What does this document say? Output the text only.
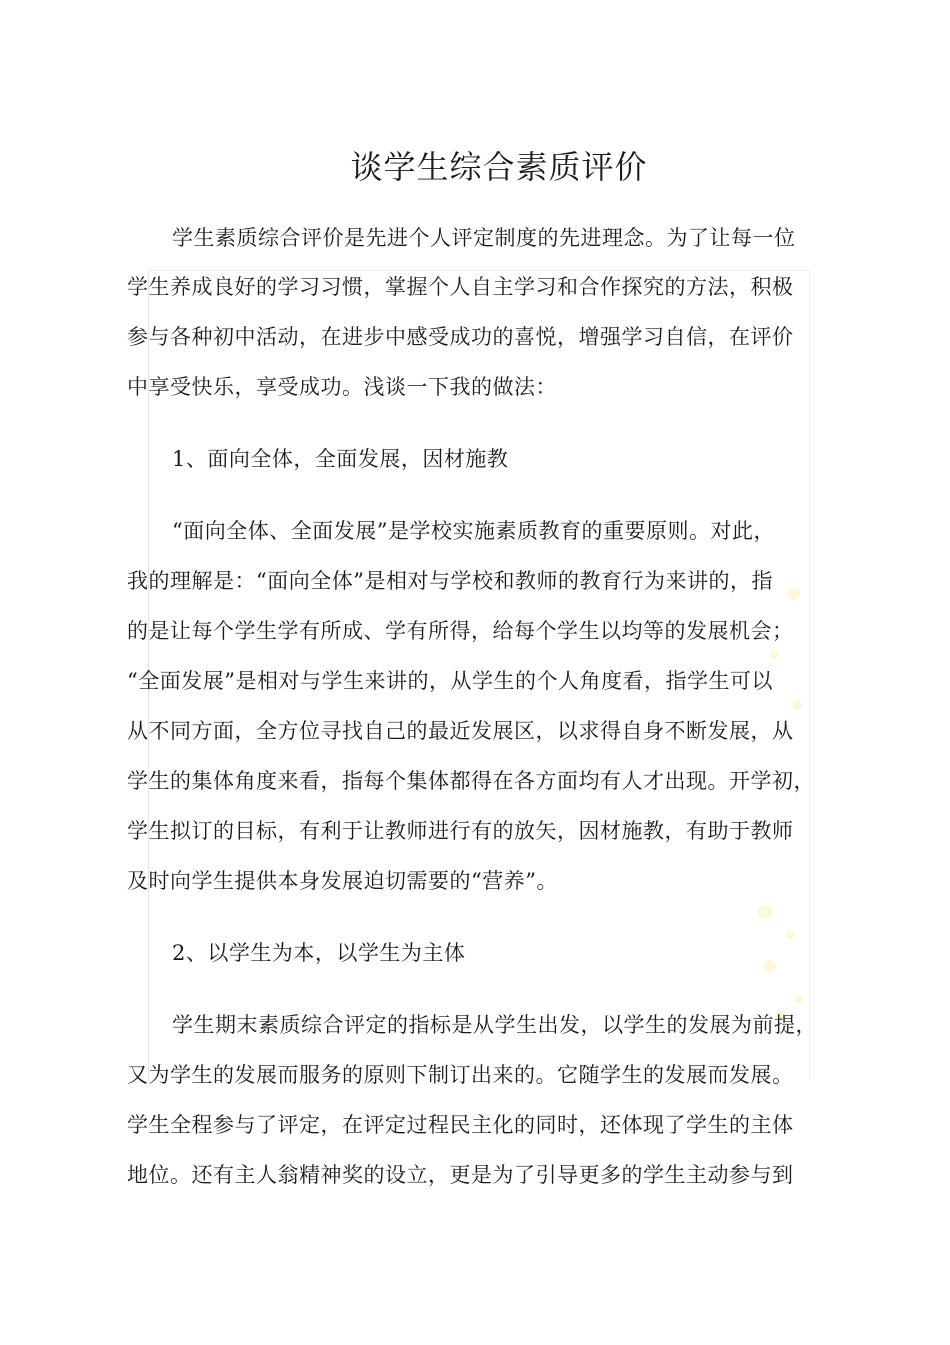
谈学生综合素质评价
学生素质综合评价是先进个人评定制度的先进理念。为了让每一位
学生养成良好的学习习惯，掌握个人自主学习和合作探究的方法，积极
参与各种初中活动，在进步中感受成功的喜悦，增强学习自信，在评价
中享受快乐，享受成功。浅谈一下我的做法：
1、面向全体，全面发展，因材施教
“面向全体、全面发展”是学校实施素质教育的重要原则。对此，
我的理解是：“面向全体”是相对与学校和教师的教育行为来讲的，指
的是让每个学生学有所成、学有所得，给每个学生以均等的发展机会；
“全面发展”是相对与学生来讲的，从学生的个人角度看，指学生可以
从不同方面，全方位寻找自己的最近发展区，以求得自身不断发展，从
学生的集体角度来看，指每个集体都得在各方面均有人才出现。开学初，
学生拟订的目标，有利于让教师进行有的放矢，因材施教，有助于教师
及时向学生提供本身发展迫切需要的“营养”。
2、以学生为本，以学生为主体
学生期末素质综合评定的指标是从学生出发，以学生的发展为前提，
又为学生的发展而服务的原则下制订出来的。它随学生的发展而发展。
学生全程参与了评定，在评定过程民主化的同时，还体现了学生的主体
地位。还有主人翁精神奖的设立，更是为了引导更多的学生主动参与到
